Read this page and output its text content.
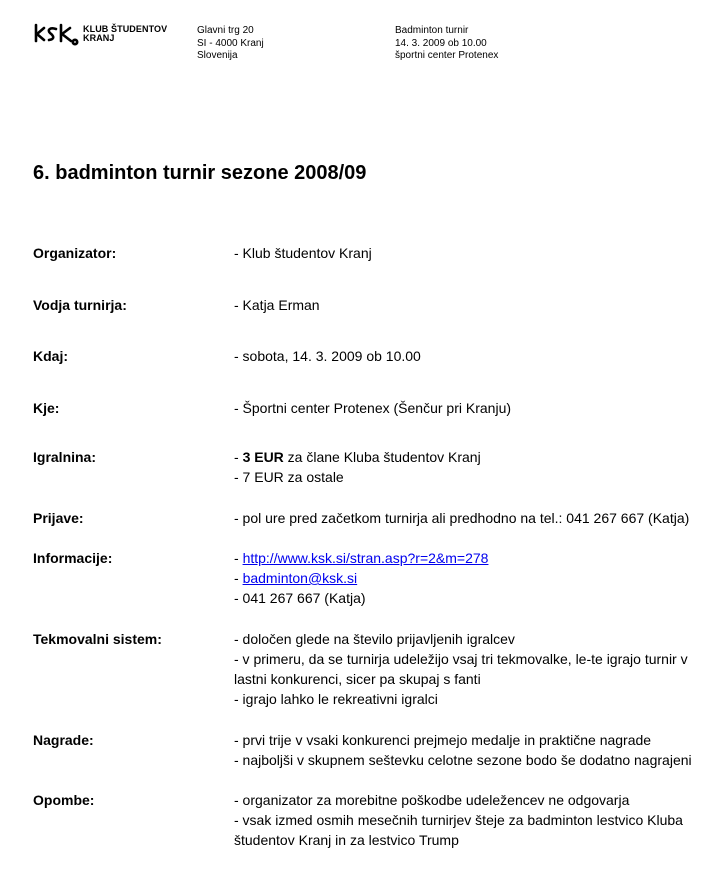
KLUB ŠTUDENTOV
KRANJ
Glavni trg 20
SI - 4000 Kranj
Slovenija
Badminton turnir
14. 3. 2009 ob 10.00
športni center Protenex
6. badminton turnir sezone 2008/09
Organizator:	- Klub študentov Kranj
Vodja turnirja:	- Katja Erman
Kdaj:	- sobota, 14. 3. 2009 ob 10.00
Kje:	- Športni center Protenex (Šenčur pri Kranju)
Igralnina:	- 3 EUR za člane Kluba študentov Kranj
- 7 EUR za ostale
Prijave:	- pol ure pred začetkom turnirja ali predhodno na tel.: 041 267 667 (Katja)
Informacije:	- http://www.ksk.si/stran.asp?r=2&m=278
- badminton@ksk.si
- 041 267 667 (Katja)
Tekmovalni sistem:	- določen glede na število prijavljenih igralcev
- v primeru, da se turnirja udeležijo vsaj tri tekmovalke, le-te igrajo turnir v
lastni konkurenci, sicer pa skupaj s fanti
- igrajo lahko le rekreativni igralci
Nagrade:	- prvi trije v vsaki konkurenci prejmejo medalje in praktične nagrade
- najboljši v skupnem seštevku celotne sezone bodo še dodatno nagrajeni
Opombe:	- organizator za morebitne poškodbe udeležencev ne odgovarja
- vsak izmed osmih mesečnih turnirjev šteje za badminton lestvico Kluba
študentov Kranj in za lestvico Trump
